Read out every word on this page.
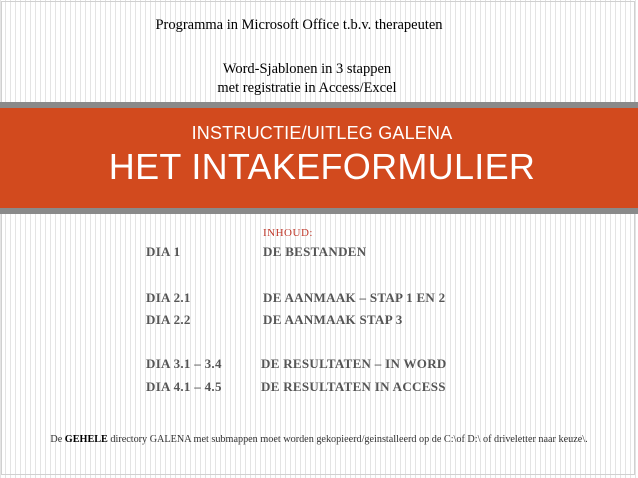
Programma in Microsoft Office t.b.v. therapeuten
Word-Sjablonen in 3 stappen
met registratie in Access/Excel
INSTRUCTIE/UITLEG GALENA
HET INTAKEFORMULIER
INHOUD:
DIA 1	DE BESTANDEN
DIA 2.1	DE AANMAAK – STAP 1 EN 2
DIA 2.2	DE AANMAAK STAP 3
DIA 3.1 – 3.4	DE RESULTATEN – IN WORD
DIA 4.1 – 4.5	DE RESULTATEN IN ACCESS
De GEHELE directory GALENA met submappen moet worden gekopieerd/geinstalleerd op de C:\of D:\ of driveletter naar keuze\.
